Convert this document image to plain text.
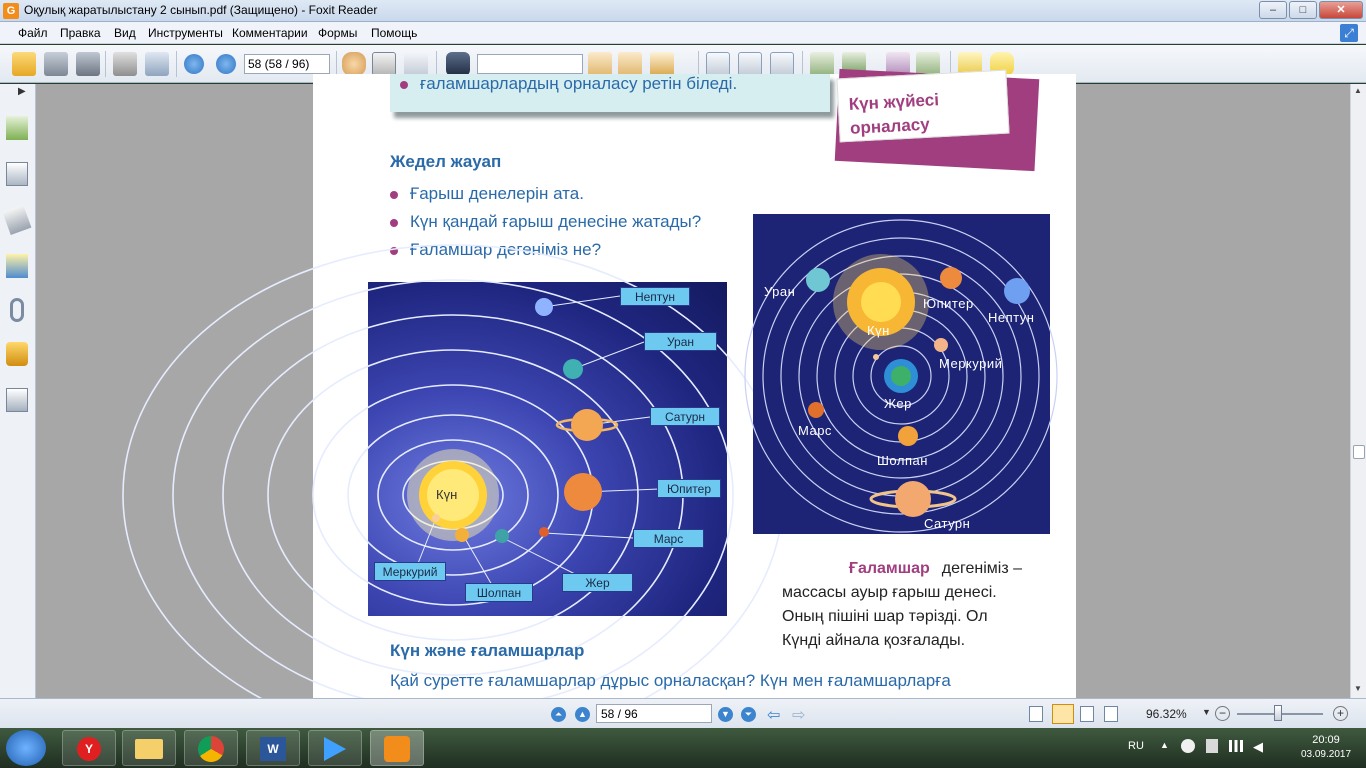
G Оқулық жаратылыстану 2 сынып.pdf (Защищено) - Foxit Reader	–	□	✕
Файл Правка Вид Инструменты Комментарии Формы Помощь	⤢
58 (58 / 96)
▶	ғаламшарлардың орналасу ретін біледі.
Күн жүйесі
орналасу
Жедел жауап
Ғарыш денелерін ата.
Күн қандай ғарыш денесіне жатады?
Ғаламшар дегеніміз не?
Нептун
Уран
Сатурн
Юпитер
Марс
Жер
Шолпан
Меркурий
Күн
Уран
Юпитер
Нептун
Күн
Меркурий
Жер
Марс
Шолпан
Сатурн
Ғаламшар дегеніміз –
массасы ауыр ғарыш денесі.
Оның пішіні шар тәрізді. Ол
Күнді айнала қозғалады.
Күн және ғаламшарлар
Қай суретте ғаламшарлар дұрыс орналасқан? Күн мен ғаламшарларға
▲
▼
⏶	▲	58 / 96	▼	⏷ ⇦ ⇨	96.32% ▼ −	+
Y	W	RU ▲	◀	20:09
03.09.2017
